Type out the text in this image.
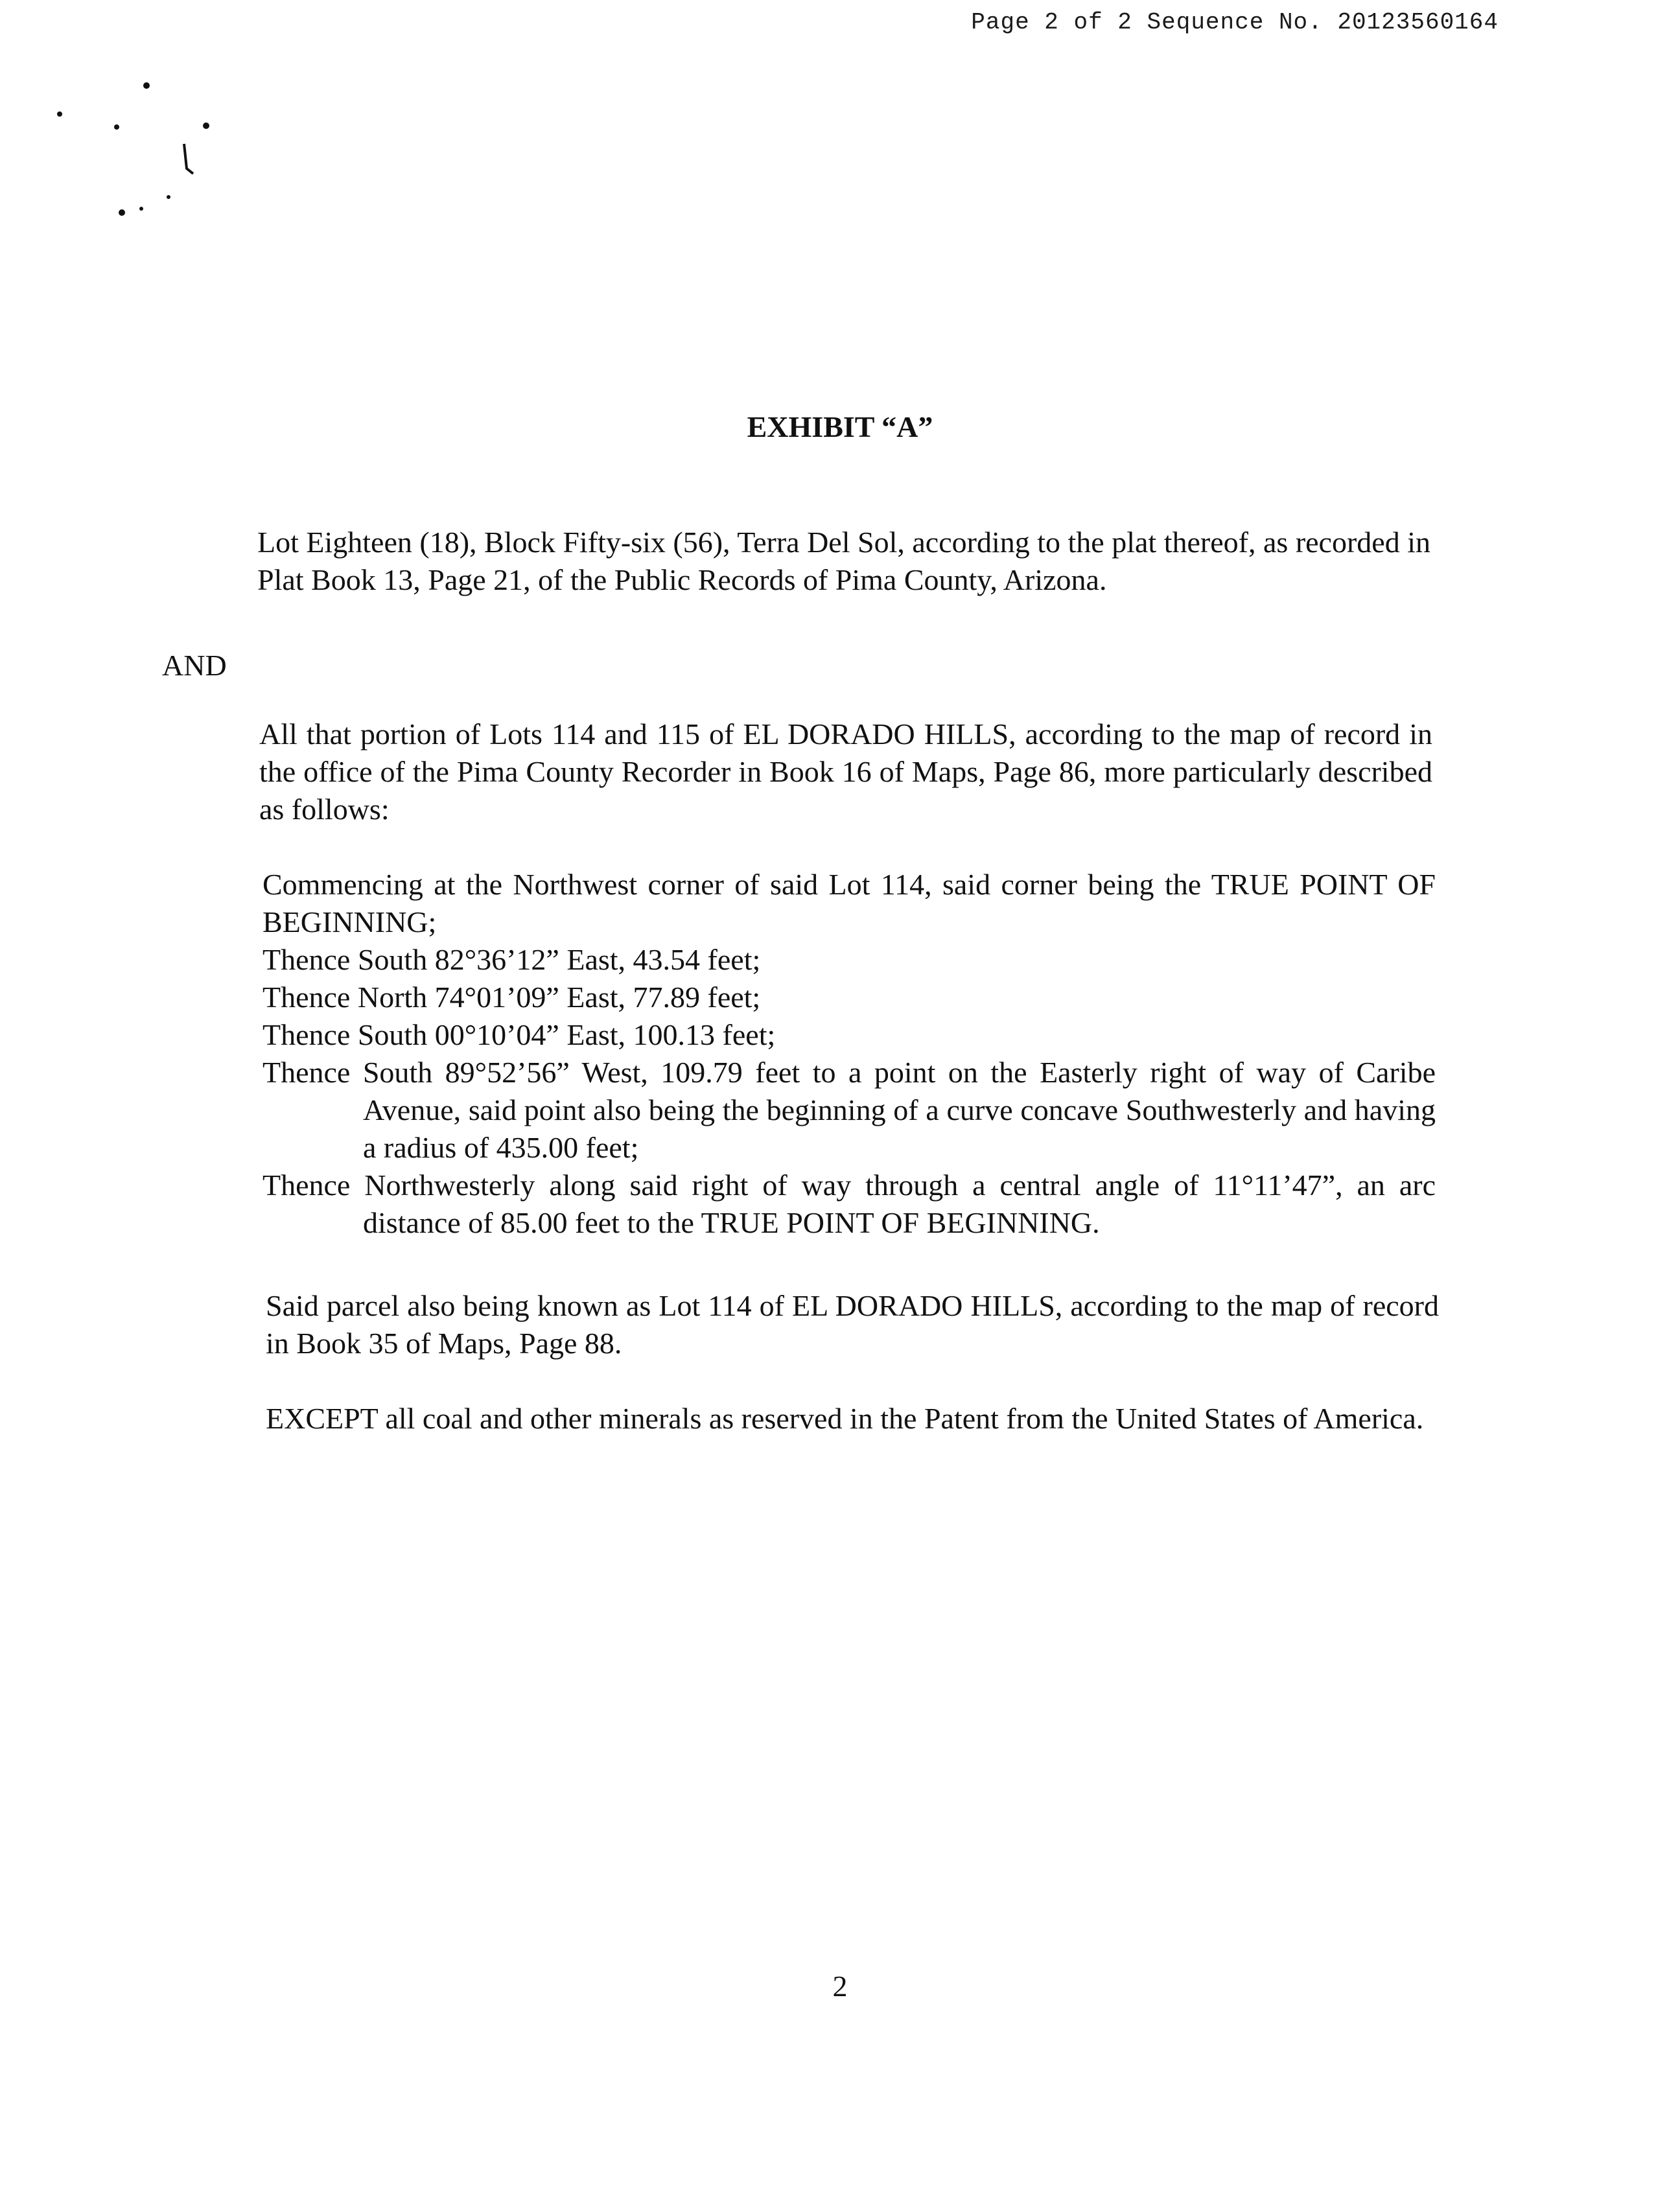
Page 2 of 2 Sequence No. 20123560164
EXHIBIT “A”
Lot Eighteen (18), Block Fifty-six (56), Terra Del Sol, according to the plat thereof, as recorded in Plat Book 13, Page 21, of the Public Records of Pima County, Arizona.
AND
All that portion of Lots 114 and 115 of EL DORADO HILLS, according to the map of record in the office of the Pima County Recorder in Book 16 of Maps, Page 86, more particularly described as follows:
Commencing at the Northwest corner of said Lot 114, said corner being the TRUE POINT OF BEGINNING;
Thence South 82°36’12” East, 43.54 feet;
Thence North 74°01’09” East, 77.89 feet;
Thence South 00°10’04” East, 100.13 feet;
Thence South 89°52’56” West, 109.79 feet to a point on the Easterly right of way of Caribe Avenue, said point also being the beginning of a curve concave Southwesterly and having a radius of 435.00 feet;
Thence Northwesterly along said right of way through a central angle of 11°11’47”, an arc distance of 85.00 feet to the TRUE POINT OF BEGINNING.
Said parcel also being known as Lot 114 of EL DORADO HILLS, according to the map of record in Book 35 of Maps, Page 88.
EXCEPT all coal and other minerals as reserved in the Patent from the United States of America.
2
